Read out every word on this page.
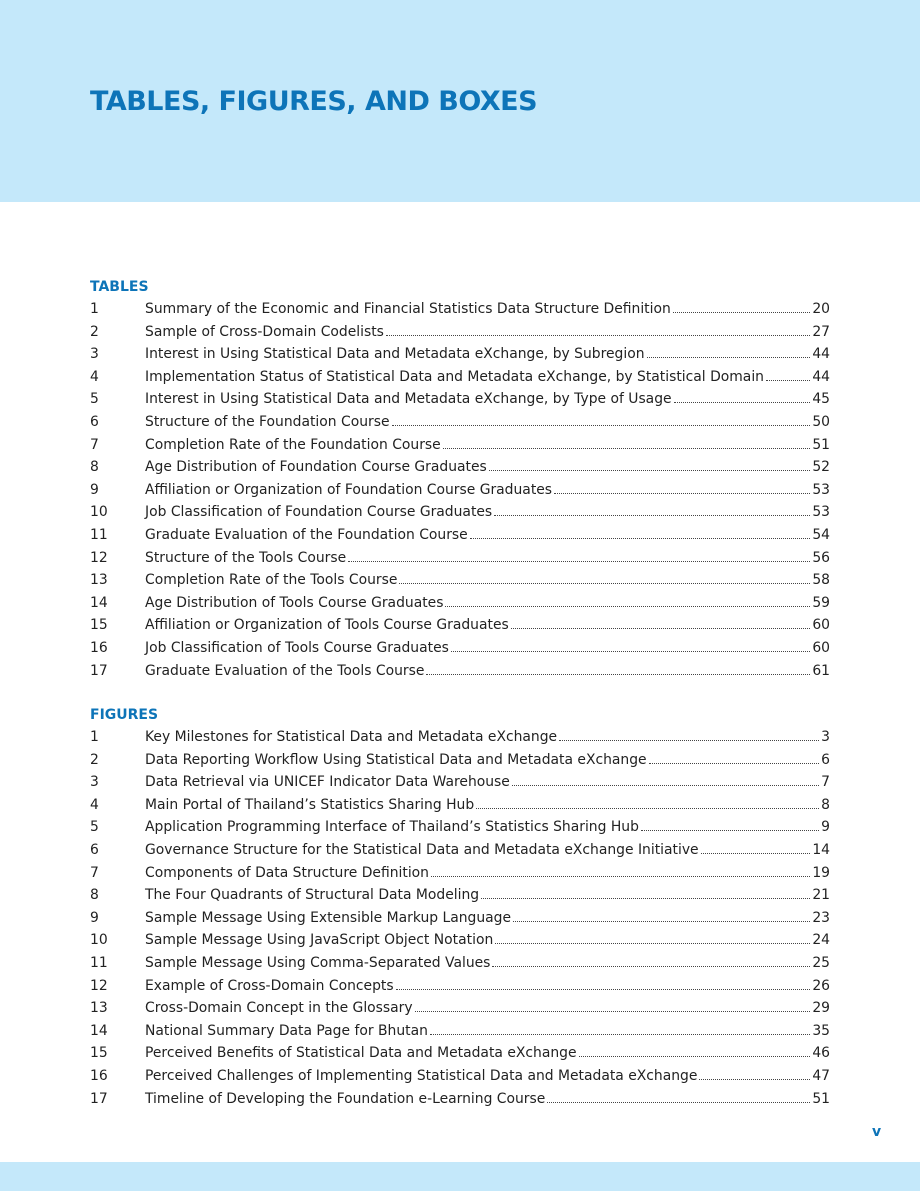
TABLES, FIGURES, AND BOXES
TABLES
1	Summary of the Economic and Financial Statistics Data Structure Definition	20
2	Sample of Cross-Domain Codelists	27
3	Interest in Using Statistical Data and Metadata eXchange, by Subregion	44
4	Implementation Status of Statistical Data and Metadata eXchange, by Statistical Domain	44
5	Interest in Using Statistical Data and Metadata eXchange, by Type of Usage	45
6	Structure of the Foundation Course	50
7	Completion Rate of the Foundation Course	51
8	Age Distribution of Foundation Course Graduates	52
9	Affiliation or Organization of Foundation Course Graduates	53
10	Job Classification of Foundation Course Graduates	53
11	Graduate Evaluation of the Foundation Course	54
12	Structure of the Tools Course	56
13	Completion Rate of the Tools Course	58
14	Age Distribution of Tools Course Graduates	59
15	Affiliation or Organization of Tools Course Graduates	60
16	Job Classification of Tools Course Graduates	60
17	Graduate Evaluation of the Tools Course	61
FIGURES
1	Key Milestones for Statistical Data and Metadata eXchange	3
2	Data Reporting Workflow Using Statistical Data and Metadata eXchange	6
3	Data Retrieval via UNICEF Indicator Data Warehouse	7
4	Main Portal of Thailand’s Statistics Sharing Hub	8
5	Application Programming Interface of Thailand’s Statistics Sharing Hub	9
6	Governance Structure for the Statistical Data and Metadata eXchange Initiative	14
7	Components of Data Structure Definition	19
8	The Four Quadrants of Structural Data Modeling	21
9	Sample Message Using Extensible Markup Language	23
10	Sample Message Using JavaScript Object Notation	24
11	Sample Message Using Comma-Separated Values	25
12	Example of Cross-Domain Concepts	26
13	Cross-Domain Concept in the Glossary	29
14	National Summary Data Page for Bhutan	35
15	Perceived Benefits of Statistical Data and Metadata eXchange	46
16	Perceived Challenges of Implementing Statistical Data and Metadata eXchange	47
17	Timeline of Developing the Foundation e-Learning Course	51

v
